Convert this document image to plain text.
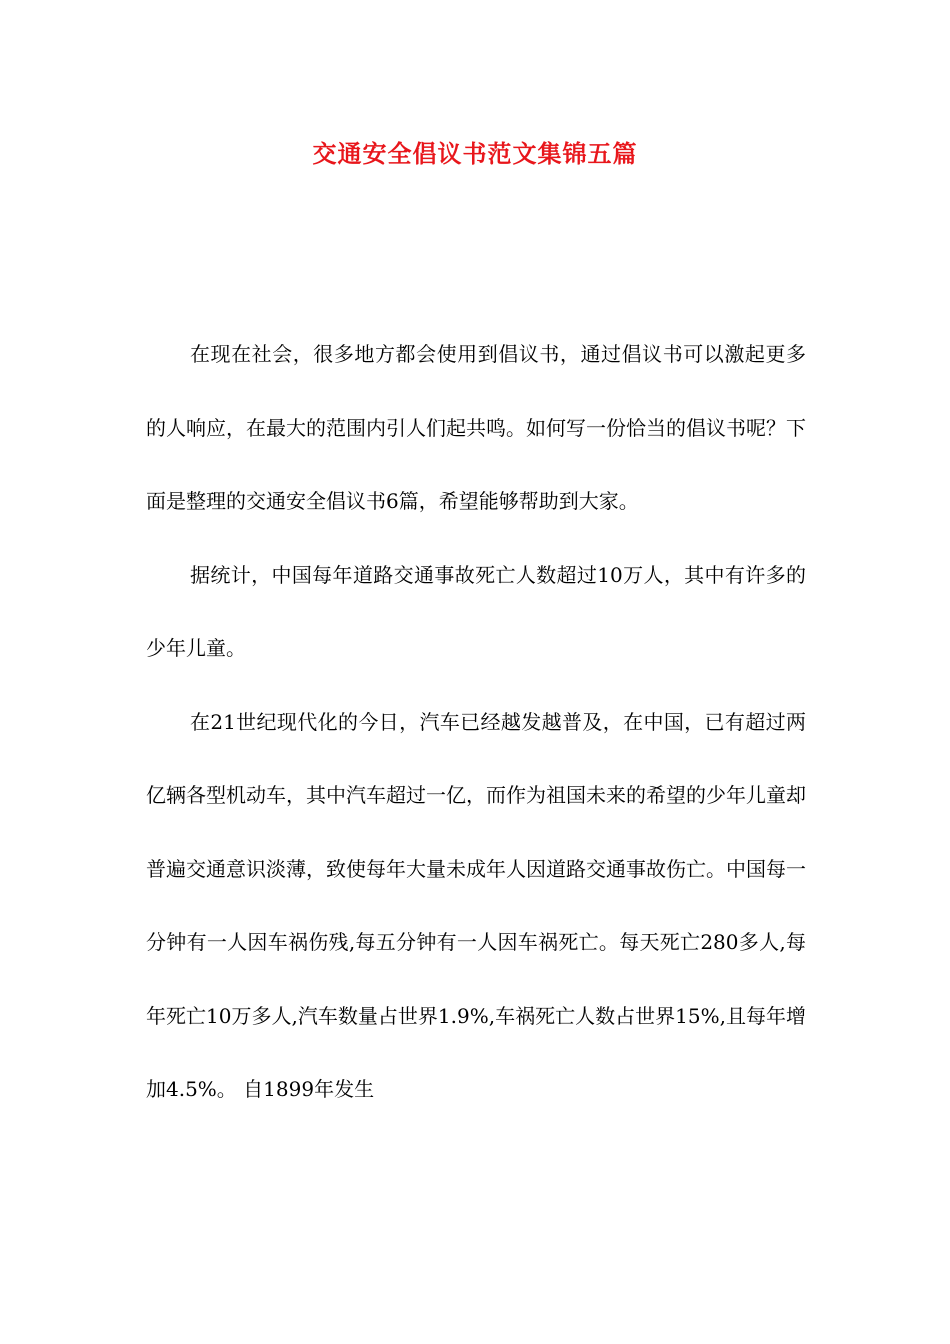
交通安全倡议书范文集锦五篇

在现在社会，很多地方都会使用到倡议书，通过倡议书可以激起更多的人响应，在最大的范围内引人们起共鸣。如何写一份恰当的倡议书呢？下面是整理的交通安全倡议书6篇，希望能够帮助到大家。

据统计，中国每年道路交通事故死亡人数超过10万人，其中有许多的少年儿童。

在21世纪现代化的今日，汽车已经越发越普及，在中国，已有超过两亿辆各型机动车，其中汽车超过一亿，而作为祖国未来的希望的少年儿童却普遍交通意识淡薄，致使每年大量未成年人因道路交通事故伤亡。中国每一分钟有一人因车祸伤残,每五分钟有一人因车祸死亡。每天死亡280多人,每年死亡10万多人,汽车数量占世界1.9%,车祸死亡人数占世界15%,且每年增加4.5%。 自1899年发生
